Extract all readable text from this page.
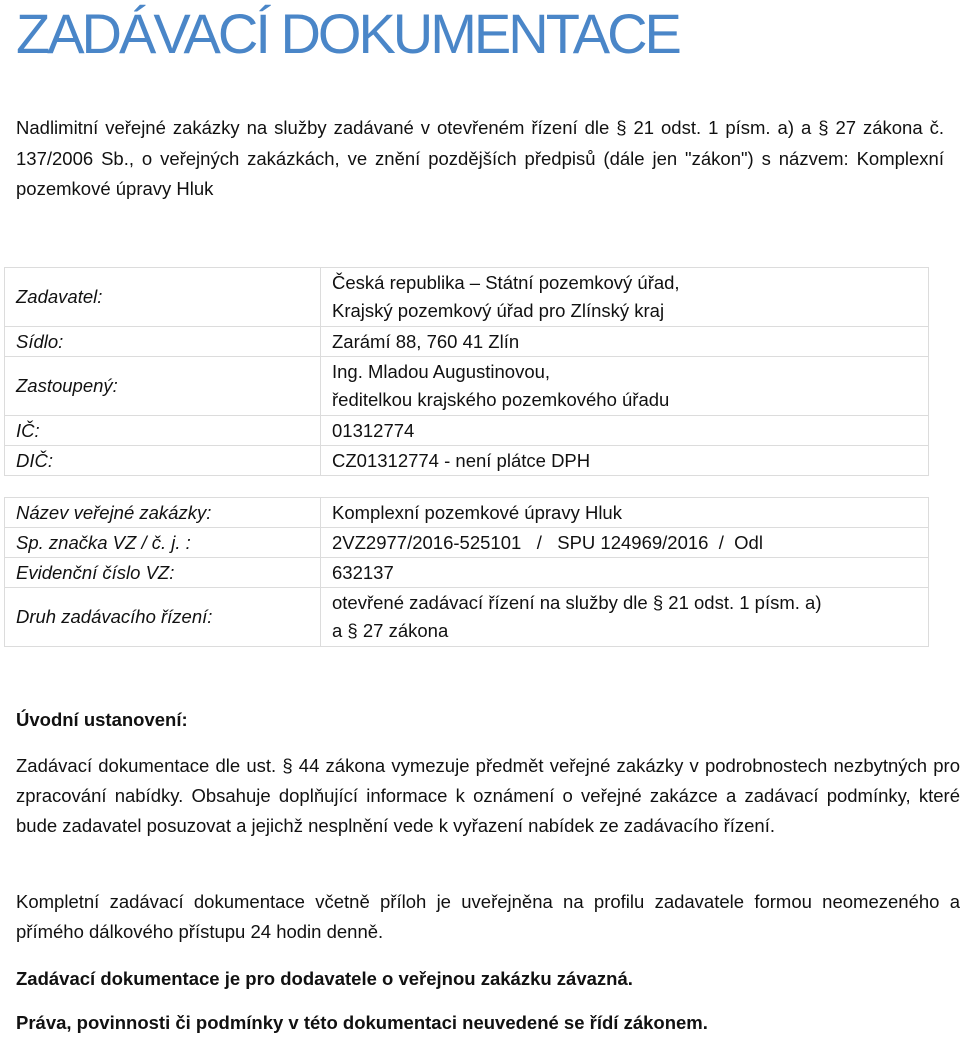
ZADÁVACÍ DOKUMENTACE

Nadlimitní veřejné zakázky na služby zadávané v otevřeném řízení dle § 21 odst. 1 písm. a) a § 27 zákona č. 137/2006 Sb., o veřejných zakázkách, ve znění pozdějších předpisů (dále jen "zákon") s názvem: Komplexní pozemkové úpravy Hluk

Zadavatel:	Česká republika – Státní pozemkový úřad,
Krajský pozemkový úřad pro Zlínský kraj

Sídlo:	Zarámí 88, 760 41 Zlín
Zastoupený:	Ing. Mladou Augustinovou,
ředitelkou krajského pozemkového úřadu

IČ:	01312774
DIČ:	CZ01312774 - není plátce DPH
Název veřejné zakázky:	Komplexní pozemkové úpravy Hluk
Sp. značka VZ / č. j. :	2VZ2977/2016-525101   /   SPU 124969/2016  /  Odl
Evidenční číslo VZ:	632137
Druh zadávacího řízení:	otevřené zadávací řízení na služby dle § 21 odst. 1 písm. a)
a § 27 zákona

Úvodní ustanovení:

Zadávací dokumentace dle ust. § 44 zákona vymezuje předmět veřejné zakázky v podrobnostech nezbytných pro zpracování nabídky. Obsahuje doplňující informace k oznámení o veřejné zakázce a zadávací podmínky, které bude zadavatel posuzovat a jejichž nesplnění vede k vyřazení nabídek ze zadávacího řízení.

Kompletní zadávací dokumentace včetně příloh je uveřejněna na profilu zadavatele formou neomezeného a přímého dálkového přístupu 24 hodin denně.

Zadávací dokumentace je pro dodavatele o veřejnou zakázku závazná.

Práva, povinnosti či podmínky v této dokumentaci neuvedené se řídí zákonem.
